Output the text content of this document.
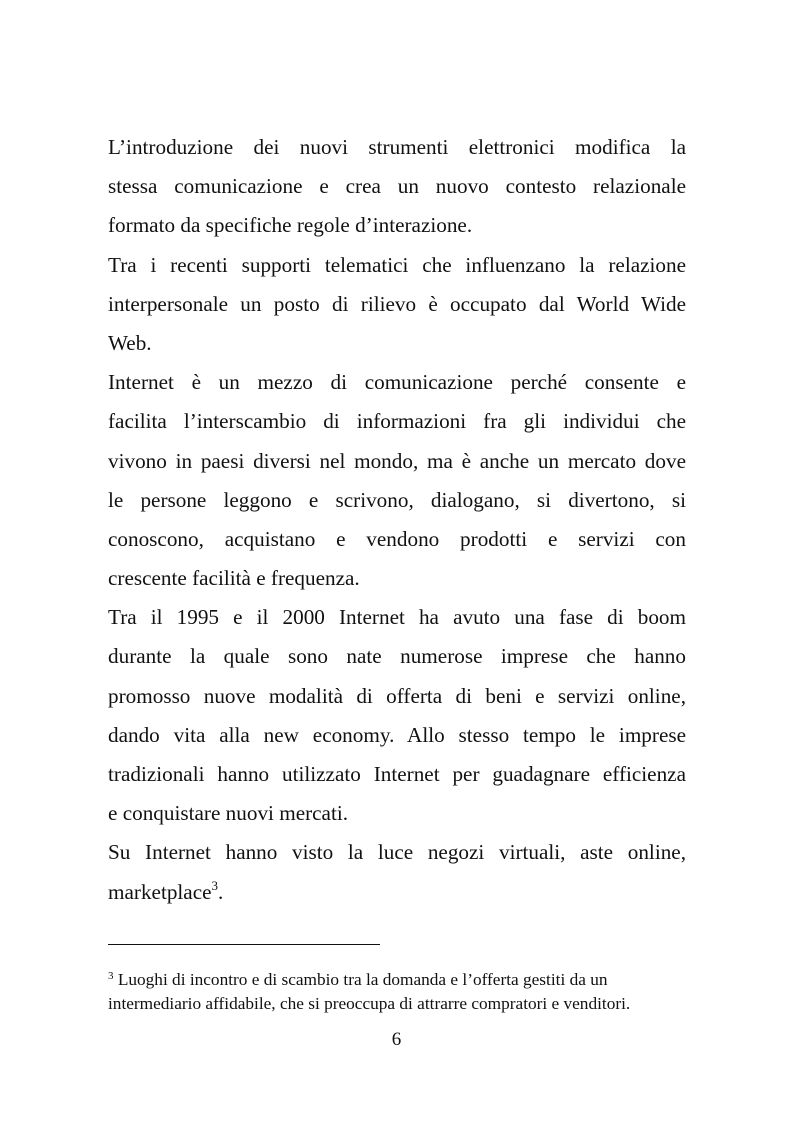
L’introduzione dei nuovi strumenti elettronici modifica la
stessa comunicazione e crea un nuovo contesto relazionale
formato da specifiche regole d’interazione.
Tra i recenti supporti telematici che influenzano la relazione
interpersonale un posto di rilievo è occupato dal World Wide
Web.
Internet è un mezzo di comunicazione perché consente e
facilita l’interscambio di informazioni fra gli individui che
vivono in paesi diversi nel mondo, ma è anche un mercato dove
le persone leggono e scrivono, dialogano, si divertono, si
conoscono, acquistano e vendono prodotti e servizi con
crescente facilità e frequenza.
Tra il 1995 e il 2000 Internet ha avuto una fase di boom
durante la quale sono nate numerose imprese che hanno
promosso nuove modalità di offerta di beni e servizi online,
dando vita alla new economy. Allo stesso tempo le imprese
tradizionali hanno utilizzato Internet per guadagnare efficienza
e conquistare nuovi mercati.
Su Internet hanno visto la luce negozi virtuali, aste online,
marketplace$^3$.
$^3$ Luoghi di incontro e di scambio tra la domanda e l’offerta gestiti da un
intermediario affidabile, che si preoccupa di attrarre compratori e venditori.
6
